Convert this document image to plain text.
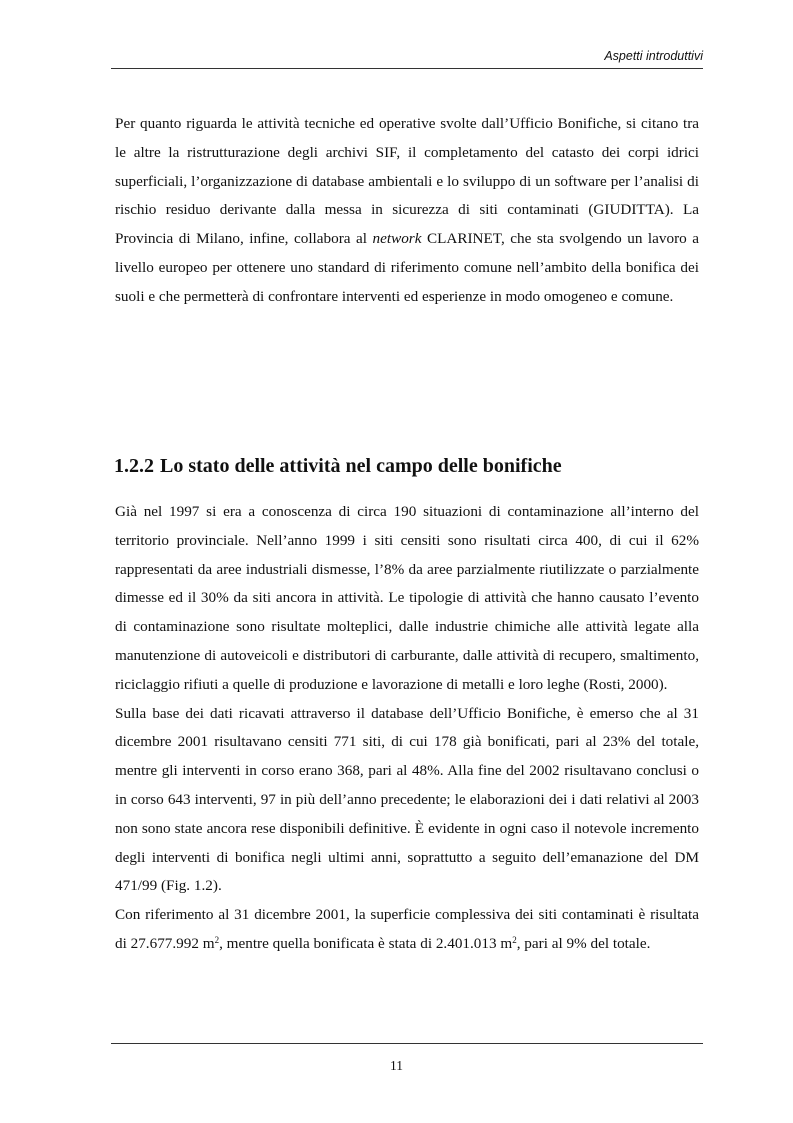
Aspetti introduttivi

Per quanto riguarda le attività tecniche ed operative svolte dall’Ufficio Bonifiche, si citano tra le altre la ristrutturazione degli archivi SIF, il completamento del catasto dei corpi idrici superficiali, l’organizzazione di database ambientali e lo sviluppo di un software per l’analisi di rischio residuo derivante dalla messa in sicurezza di siti contaminati (GIUDITTA). La Provincia di Milano, infine, collabora al network CLARINET, che sta svolgendo un lavoro a livello europeo per ottenere uno standard di riferimento comune nell’ambito della bonifica dei suoli e che permetterà di confrontare interventi ed esperienze in modo omogeneo e comune.

1.2.2 Lo stato delle attività nel campo delle bonifiche

Già nel 1997 si era a conoscenza di circa 190 situazioni di contaminazione all’interno del territorio provinciale. Nell’anno 1999 i siti censiti sono risultati circa 400, di cui il 62% rappresentati da aree industriali dismesse, l’8% da aree parzialmente riutilizzate o parzialmente dimesse ed il 30% da siti ancora in attività. Le tipologie di attività che hanno causato l’evento di contaminazione sono risultate molteplici, dalle industrie chimiche alle attività legate alla manutenzione di autoveicoli e distributori di carburante, dalle attività di recupero, smaltimento, riciclaggio rifiuti a quelle di produzione e lavorazione di metalli e loro leghe (Rosti, 2000).

Sulla base dei dati ricavati attraverso il database dell’Ufficio Bonifiche, è emerso che al 31 dicembre 2001 risultavano censiti 771 siti, di cui 178 già bonificati, pari al 23% del totale, mentre gli interventi in corso erano 368, pari al 48%. Alla fine del 2002 risultavano conclusi o in corso 643 interventi, 97 in più dell’anno precedente; le elaborazioni dei i dati relativi al 2003 non sono state ancora rese disponibili definitive. È evidente in ogni caso il notevole incremento degli interventi di bonifica negli ultimi anni, soprattutto a seguito dell’emanazione del DM 471/99 (Fig. 1.2).

Con riferimento al 31 dicembre 2001, la superficie complessiva dei siti contaminati è risultata di 27.677.992 $m^2$, mentre quella bonificata è stata di 2.401.013 $m^2$, pari al 9% del totale.

11
